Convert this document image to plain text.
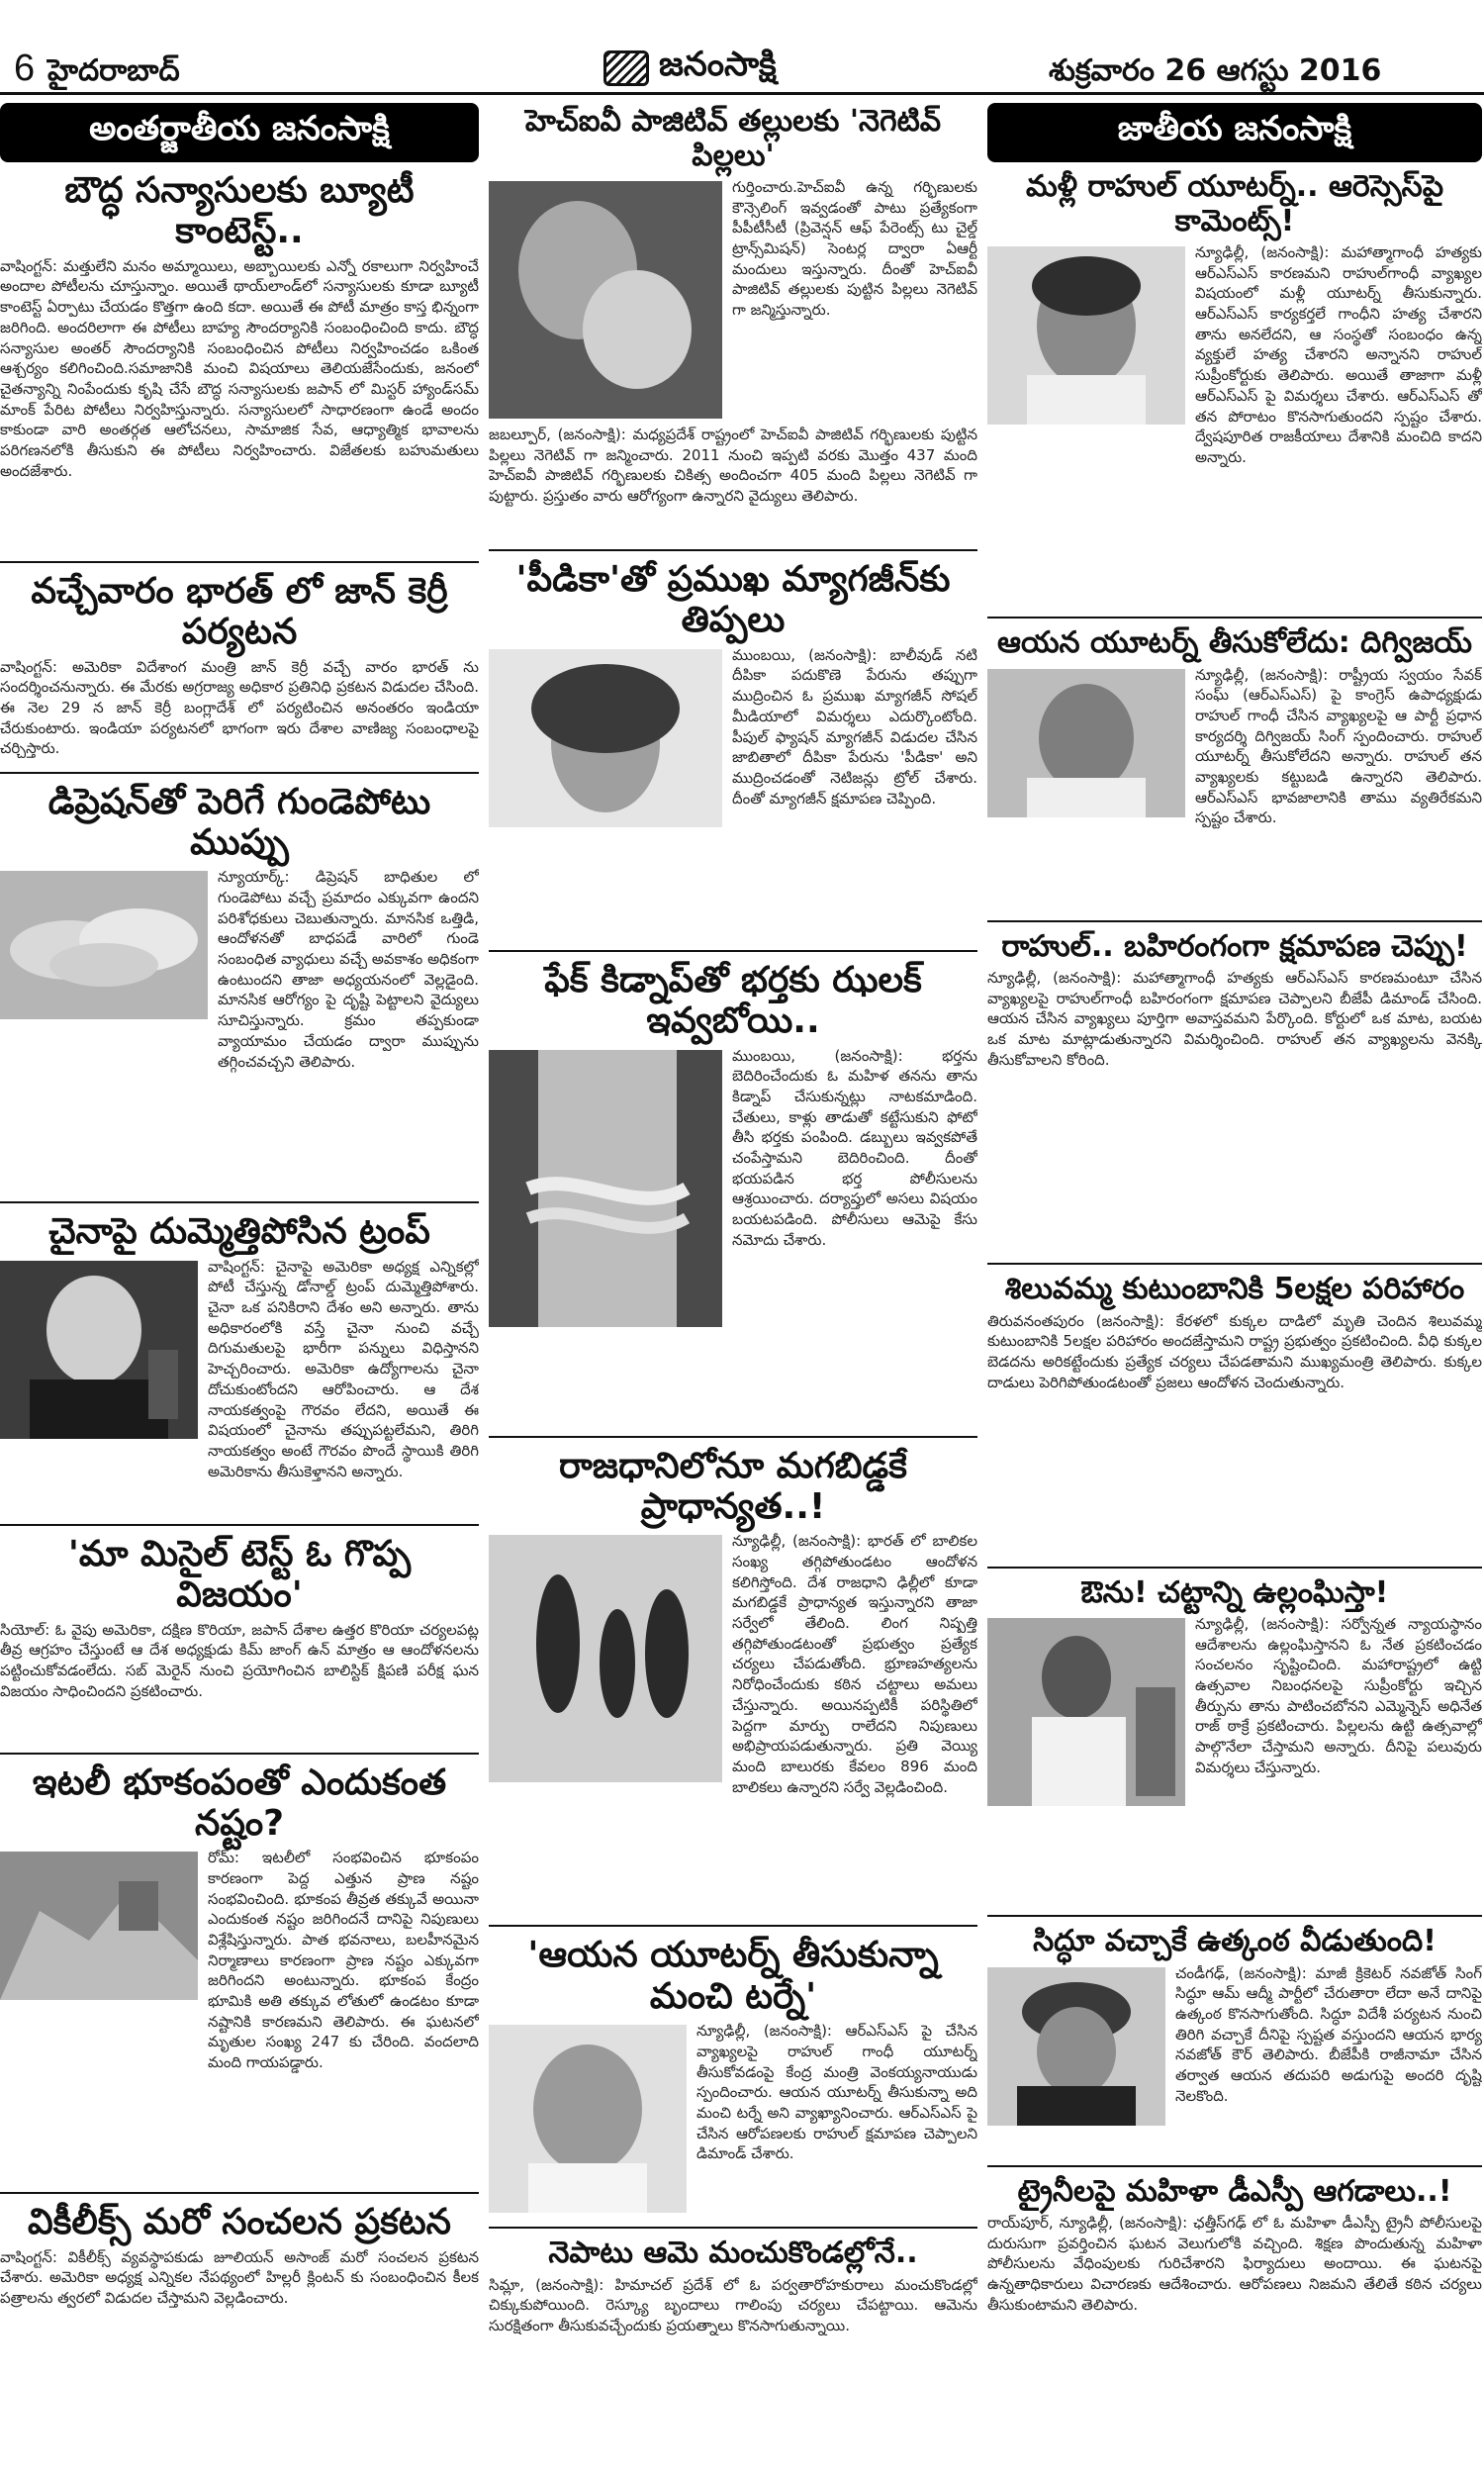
6 హైదరాబాద్	జనంసాక్షి	శుక్రవారం 26 ఆగస్టు 2016
అంతర్జాతీయ జనంసాక్షి
బౌద్ధ సన్యాసులకు బ్యూటీ కాంటెస్ట్..
వాషింగ్టన్: మత్తులేని మనం అమ్మాయిలు, అబ్బాయిలకు ఎన్నో రకాలుగా నిర్వహించే అందాల పోటీలను చూస్తున్నాం. అయితే థాయ్‌లాండ్‌లో సన్యాసులకు కూడా బ్యూటీ కాంటెస్ట్ ఏర్పాటు చేయడం కొత్తగా ఉంది కదా. అయితే ఈ పోటీ మాత్రం కాస్త భిన్నంగా జరిగింది. అందరిలాగా ఈ పోటీలు బాహ్య సౌందర్యానికి సంబంధించింది కాదు. బౌద్ధ సన్యాసుల అంతర్ సౌందర్యానికి సంబంధించిన పోటీలు నిర్వహించడం ఒకింత ఆశ్చర్యం కలిగించింది.సమాజానికి మంచి విషయాలు తెలియజేసేందుకు, జనంలో చైతన్యాన్ని నింపేందుకు కృషి చేసే బౌద్ధ సన్యాసులకు జపాన్ లో మిస్టర్ హ్యాండ్‌సమ్ మాంక్ పేరిట పోటీలు నిర్వహిస్తున్నారు. సన్యాసులలో సాధారణంగా ఉండే అందం కాకుండా వారి అంతర్గత ఆలోచనలు, సామాజిక సేవ, ఆధ్యాత్మిక భావాలను పరిగణనలోకి తీసుకుని ఈ పోటీలు నిర్వహించారు. విజేతలకు బహుమతులు అందజేశారు.
వచ్చేవారం భారత్ లో జాన్ కెర్రీ పర్యటన
వాషింగ్టన్: అమెరికా విదేశాంగ మంత్రి జాన్ కెర్రీ వచ్చే వారం భారత్ ను సందర్శించనున్నారు. ఈ మేరకు అగ్రరాజ్య అధికార ప్రతినిధి ప్రకటన విడుదల చేసింది. ఈ నెల 29 న జాన్ కెర్రీ బంగ్లాదేశ్ లో పర్యటించిన అనంతరం ఇండియా చేరుకుంటారు. ఇండియా పర్యటనలో భాగంగా ఇరు దేశాల వాణిజ్య సంబంధాలపై చర్చిస్తారు.
డిప్రెషన్‌తో పెరిగే గుండెపోటు ముప్పు
న్యూయార్క్: డిప్రెషన్ బాధితుల లో గుండెపోటు వచ్చే ప్రమాదం ఎక్కువగా ఉందని పరిశోధకులు చెబుతున్నారు. మానసిక ఒత్తిడి, ఆందోళనతో బాధపడే వారిలో గుండె సంబంధిత వ్యాధులు వచ్చే అవకాశం అధికంగా ఉంటుందని తాజా అధ్యయనంలో వెల్లడైంది. మానసిక ఆరోగ్యం పై దృష్టి పెట్టాలని వైద్యులు సూచిస్తున్నారు. క్రమం తప్పకుండా వ్యాయామం చేయడం ద్వారా ముప్పును తగ్గించవచ్చని తెలిపారు.
చైనాపై దుమ్మెత్తిపోసిన ట్రంప్
వాషింగ్టన్: చైనాపై అమెరికా అధ్యక్ష ఎన్నికల్లో పోటీ చేస్తున్న డోనాల్డ్ ట్రంప్ దుమ్మెత్తిపోశారు. చైనా ఒక పనికిరాని దేశం అని అన్నారు. తాను అధికారంలోకి వస్తే చైనా నుంచి వచ్చే దిగుమతులపై భారీగా పన్నులు విధిస్తానని హెచ్చరించారు. అమెరికా ఉద్యోగాలను చైనా దోచుకుంటోందని ఆరోపించారు. ఆ దేశ నాయకత్వంపై గౌరవం లేదని, అయితే ఈ విషయంలో చైనాను తప్పుపట్టలేమని, తిరిగి నాయకత్వం అంటే గౌరవం పొందే స్థాయికి తిరిగి అమెరికాను తీసుకెళ్తానని అన్నారు.
'మా మిసైల్ టెస్ట్ ఓ గొప్ప విజయం'
సియోల్: ఓ వైపు అమెరికా, దక్షిణ కొరియా, జపాన్ దేశాల ఉత్తర కొరియా చర్యలపట్ల తీవ్ర ఆగ్రహం చేస్తుంటే ఆ దేశ అధ్యక్షుడు కిమ్ జాంగ్ ఉన్ మాత్రం ఆ ఆందోళనలను పట్టించుకోవడంలేదు. సబ్ మెరైన్ నుంచి ప్రయోగించిన బాలిస్టిక్ క్షిపణి పరీక్ష ఘన విజయం సాధించిందని ప్రకటించారు.
ఇటలీ భూకంపంతో ఎందుకంత నష్టం?
రోమ్: ఇటలీలో సంభవించిన భూకంపం కారణంగా పెద్ద ఎత్తున ప్రాణ నష్టం సంభవించింది. భూకంప తీవ్రత తక్కువే అయినా ఎందుకంత నష్టం జరిగిందనే దానిపై నిపుణులు విశ్లేషిస్తున్నారు. పాత భవనాలు, బలహీనమైన నిర్మాణాలు కారణంగా ప్రాణ నష్టం ఎక్కువగా జరిగిందని అంటున్నారు. భూకంప కేంద్రం భూమికి అతి తక్కువ లోతులో ఉండటం కూడా నష్టానికి కారణమని తెలిపారు. ఈ ఘటనలో మృతుల సంఖ్య 247 కు చేరింది. వందలాది మంది గాయపడ్డారు.
వికీలీక్స్ మరో సంచలన ప్రకటన
వాషింగ్టన్: వికీలీక్స్ వ్యవస్థాపకుడు జూలియన్ అసాంజ్ మరో సంచలన ప్రకటన చేశారు. అమెరికా అధ్యక్ష ఎన్నికల నేపథ్యంలో హిల్లరీ క్లింటన్ కు సంబంధించిన కీలక పత్రాలను త్వరలో విడుదల చేస్తామని వెల్లడించారు.
హెచ్ఐవీ పాజిటివ్ తల్లులకు 'నెగెటివ్ పిల్లలు'
గుర్తించారు.హెచ్ఐవీ ఉన్న గర్భిణులకు కౌన్సెలింగ్ ఇవ్వడంతో పాటు ప్రత్యేకంగా పీపీటీసీటీ (ప్రివెన్షన్ ఆఫ్ పేరెంట్స్ టు చైల్డ్ ట్రాన్స్‌మిషన్) సెంటర్ల ద్వారా ఏఆర్టీ మందులు ఇస్తున్నారు. దీంతో హెచ్ఐవీ పాజిటివ్ తల్లులకు పుట్టిన పిల్లలు నెగెటివ్ గా జన్మిస్తున్నారు.
జబల్పూర్, (జనంసాక్షి): మధ్యప్రదేశ్ రాష్ట్రంలో హెచ్ఐవీ పాజిటివ్ గర్భిణులకు పుట్టిన పిల్లలు నెగెటివ్ గా జన్మించారు. 2011 నుంచి ఇప్పటి వరకు మొత్తం 437 మంది హెచ్ఐవీ పాజిటివ్ గర్భిణులకు చికిత్స అందించగా 405 మంది పిల్లలు నెగెటివ్ గా పుట్టారు. ప్రస్తుతం వారు ఆరోగ్యంగా ఉన్నారని వైద్యులు తెలిపారు.
'పీడికా'తో ప్రముఖ మ్యాగజీన్‌కు తిప్పలు
ముంబయి, (జనంసాక్షి): బాలీవుడ్ నటి దీపికా పదుకొణె పేరును తప్పుగా ముద్రించిన ఓ ప్రముఖ మ్యాగజీన్ సోషల్ మీడియాలో విమర్శలు ఎదుర్కొంటోంది. పీపుల్ ఫ్యాషన్ మ్యాగజీన్ విడుదల చేసిన జాబితాలో దీపికా పేరును 'పీడికా' అని ముద్రించడంతో నెటిజన్లు ట్రోల్ చేశారు. దీంతో మ్యాగజీన్ క్షమాపణ చెప్పింది.
ఫేక్ కిడ్నాప్‌తో భర్తకు ఝలక్ ఇవ్వబోయి..
ముంబయి, (జనంసాక్షి): భర్తను బెదిరించేందుకు ఓ మహిళ తనను తాను కిడ్నాప్ చేసుకున్నట్లు నాటకమాడింది. చేతులు, కాళ్లు తాడుతో కట్టేసుకుని ఫోటో తీసి భర్తకు పంపింది. డబ్బులు ఇవ్వకపోతే చంపేస్తామని బెదిరించింది. దీంతో భయపడిన భర్త పోలీసులను ఆశ్రయించారు. దర్యాప్తులో అసలు విషయం బయటపడింది. పోలీసులు ఆమెపై కేసు నమోదు చేశారు.
రాజధానిలోనూ మగబిడ్డకే ప్రాధాన్యత..!
న్యూఢిల్లీ, (జనంసాక్షి): భారత్ లో బాలికల సంఖ్య తగ్గిపోతుండటం ఆందోళన కలిగిస్తోంది. దేశ రాజధాని ఢిల్లీలో కూడా మగబిడ్డకే ప్రాధాన్యత ఇస్తున్నారని తాజా సర్వేలో తేలింది. లింగ నిష్పత్తి తగ్గిపోతుండటంతో ప్రభుత్వం ప్రత్యేక చర్యలు చేపడుతోంది. భ్రూణహత్యలను నిరోధించేందుకు కఠిన చట్టాలు అమలు చేస్తున్నారు. అయినప్పటికీ పరిస్థితిలో పెద్దగా మార్పు రాలేదని నిపుణులు అభిప్రాయపడుతున్నారు. ప్రతి వెయ్యి మంది బాలురకు కేవలం 896 మంది బాలికలు ఉన్నారని సర్వే వెల్లడించింది.
'ఆయన యూటర్న్ తీసుకున్నా మంచి టర్నే'
న్యూఢిల్లీ, (జనంసాక్షి): ఆర్ఎస్ఎస్ పై చేసిన వ్యాఖ్యలపై రాహుల్ గాంధీ యూటర్న్ తీసుకోవడంపై కేంద్ర మంత్రి వెంకయ్యనాయుడు స్పందించారు. ఆయన యూటర్న్ తీసుకున్నా అది మంచి టర్నే అని వ్యాఖ్యానించారు. ఆర్ఎస్ఎస్ పై చేసిన ఆరోపణలకు రాహుల్ క్షమాపణ చెప్పాలని డిమాండ్ చేశారు.
నెపాటు ఆమె మంచుకొండల్లోనే..
సిమ్లా, (జనంసాక్షి): హిమాచల్ ప్రదేశ్ లో ఓ పర్వతారోహకురాలు మంచుకొండల్లో చిక్కుకుపోయింది. రెస్క్యూ బృందాలు గాలింపు చర్యలు చేపట్టాయి. ఆమెను సురక్షితంగా తీసుకువచ్చేందుకు ప్రయత్నాలు కొనసాగుతున్నాయి.
జాతీయ జనంసాక్షి
మళ్లీ రాహుల్ యూటర్న్.. ఆరెస్సెస్‌పై కామెంట్స్!
న్యూఢిల్లీ, (జనంసాక్షి): మహాత్మాగాంధీ హత్యకు ఆర్ఎస్ఎస్ కారణమని రాహుల్‌గాంధీ వ్యాఖ్యల విషయంలో మళ్లీ యూటర్న్ తీసుకున్నారు. ఆర్ఎస్ఎస్ కార్యకర్తలే గాంధీని హత్య చేశారని తాను అనలేదని, ఆ సంస్థతో సంబంధం ఉన్న వ్యక్తులే హత్య చేశారని అన్నానని రాహుల్ సుప్రీంకోర్టుకు తెలిపారు. అయితే తాజాగా మళ్లీ ఆర్ఎస్ఎస్ పై విమర్శలు చేశారు. ఆర్ఎస్ఎస్ తో తన పోరాటం కొనసాగుతుందని స్పష్టం చేశారు. ద్వేషపూరిత రాజకీయాలు దేశానికి మంచిది కాదని అన్నారు.
ఆయన యూటర్న్ తీసుకోలేదు: దిగ్విజయ్
న్యూఢిల్లీ, (జనంసాక్షి): రాష్ట్రీయ స్వయం సేవక్ సంఘ్ (ఆర్ఎస్ఎస్) పై కాంగ్రెస్ ఉపాధ్యక్షుడు రాహుల్ గాంధీ చేసిన వ్యాఖ్యలపై ఆ పార్టీ ప్రధాన కార్యదర్శి దిగ్విజయ్ సింగ్ స్పందించారు. రాహుల్ యూటర్న్ తీసుకోలేదని అన్నారు. రాహుల్ తన వ్యాఖ్యలకు కట్టుబడి ఉన్నారని తెలిపారు. ఆర్ఎస్ఎస్ భావజాలానికి తాము వ్యతిరేకమని స్పష్టం చేశారు.
రాహుల్.. బహిరంగంగా క్షమాపణ చెప్పు!
న్యూఢిల్లీ, (జనంసాక్షి): మహాత్మాగాంధీ హత్యకు ఆర్ఎస్ఎస్ కారణమంటూ చేసిన వ్యాఖ్యలపై రాహుల్‌గాంధీ బహిరంగంగా క్షమాపణ చెప్పాలని బీజేపీ డిమాండ్ చేసింది. ఆయన చేసిన వ్యాఖ్యలు పూర్తిగా అవాస్తవమని పేర్కొంది. కోర్టులో ఒక మాట, బయట ఒక మాట మాట్లాడుతున్నారని విమర్శించింది. రాహుల్ తన వ్యాఖ్యలను వెనక్కి తీసుకోవాలని కోరింది.
శిలువమ్మ కుటుంబానికి 5లక్షల పరిహారం
తిరువనంతపురం (జనంసాక్షి): కేరళలో కుక్కల దాడిలో మృతి చెందిన శిలువమ్మ కుటుంబానికి 5లక్షల పరిహారం అందజేస్తామని రాష్ట్ర ప్రభుత్వం ప్రకటించింది. వీధి కుక్కల బెడదను అరికట్టేందుకు ప్రత్యేక చర్యలు చేపడతామని ముఖ్యమంత్రి తెలిపారు. కుక్కల దాడులు పెరిగిపోతుండటంతో ప్రజలు ఆందోళన చెందుతున్నారు.
ఔను! చట్టాన్ని ఉల్లంఘిస్తా!
న్యూఢిల్లీ, (జనంసాక్షి): సర్వోన్నత న్యాయస్థానం ఆదేశాలను ఉల్లంఘిస్తానని ఓ నేత ప్రకటించడం సంచలనం సృష్టించింది. మహారాష్ట్రలో ఉట్టి ఉత్సవాల నిబంధనలపై సుప్రీంకోర్టు ఇచ్చిన తీర్పును తాను పాటించబోనని ఎమ్మెన్నెస్ అధినేత రాజ్ ఠాక్రే ప్రకటించారు. పిల్లలను ఉట్టి ఉత్సవాల్లో పాల్గొనేలా చేస్తామని అన్నారు. దీనిపై పలువురు విమర్శలు చేస్తున్నారు.
సిద్ధూ వచ్చాకే ఉత్కంఠ వీడుతుంది!
చండీగఢ్, (జనంసాక్షి): మాజీ క్రికెటర్ నవజోత్ సింగ్ సిద్ధూ ఆమ్ ఆద్మీ పార్టీలో చేరుతారా లేదా అనే దానిపై ఉత్కంఠ కొనసాగుతోంది. సిద్ధూ విదేశీ పర్యటన నుంచి తిరిగి వచ్చాకే దీనిపై స్పష్టత వస్తుందని ఆయన భార్య నవజోత్ కౌర్ తెలిపారు. బీజేపీకి రాజీనామా చేసిన తర్వాత ఆయన తదుపరి అడుగుపై అందరి దృష్టి నెలకొంది.
ట్రైనీలపై మహిళా డీఎస్పీ ఆగడాలు..!
రాయ్‌పూర్, న్యూఢిల్లీ, (జనంసాక్షి): ఛత్తీస్‌గఢ్ లో ఓ మహిళా డీఎస్పీ ట్రైనీ పోలీసులపై దురుసుగా ప్రవర్తించిన ఘటన వెలుగులోకి వచ్చింది. శిక్షణ పొందుతున్న మహిళా పోలీసులను వేధింపులకు గురిచేశారని ఫిర్యాదులు అందాయి. ఈ ఘటనపై ఉన్నతాధికారులు విచారణకు ఆదేశించారు. ఆరోపణలు నిజమని తేలితే కఠిన చర్యలు తీసుకుంటామని తెలిపారు.
